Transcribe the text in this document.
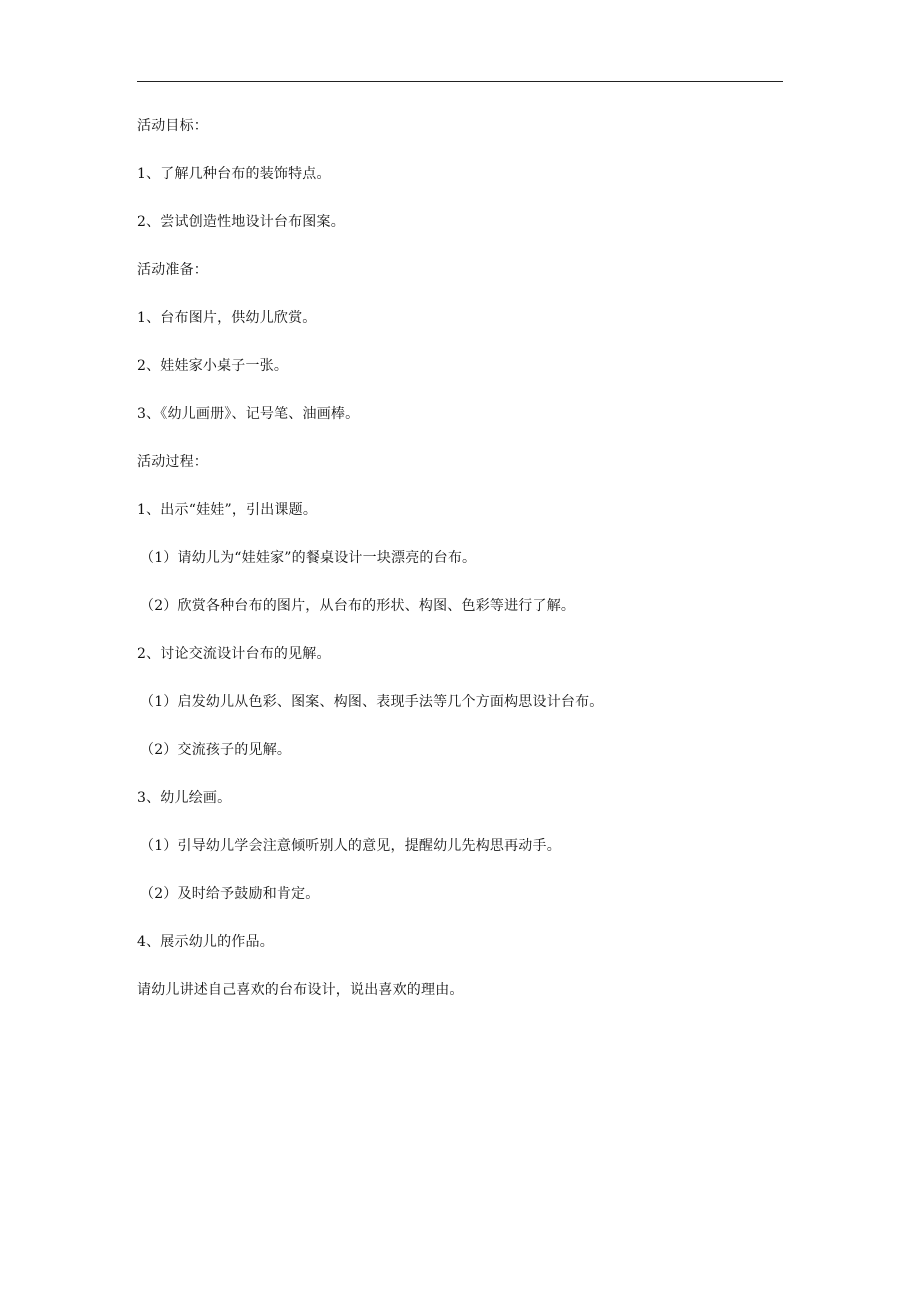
活动目标：
1、了解几种台布的装饰特点。
2、尝试创造性地设计台布图案。
活动准备：
1、台布图片，供幼儿欣赏。
2、娃娃家小桌子一张。
3、《幼儿画册》、记号笔、油画棒。
活动过程：
1、出示“娃娃”，引出课题。
（1）请幼儿为“娃娃家”的餐桌设计一块漂亮的台布。
（2）欣赏各种台布的图片，从台布的形状、构图、色彩等进行了解。
2、讨论交流设计台布的见解。
（1）启发幼儿从色彩、图案、构图、表现手法等几个方面构思设计台布。
（2）交流孩子的见解。
3、幼儿绘画。
（1）引导幼儿学会注意倾听别人的意见，提醒幼儿先构思再动手。
（2）及时给予鼓励和肯定。
4、展示幼儿的作品。
请幼儿讲述自己喜欢的台布设计，说出喜欢的理由。
